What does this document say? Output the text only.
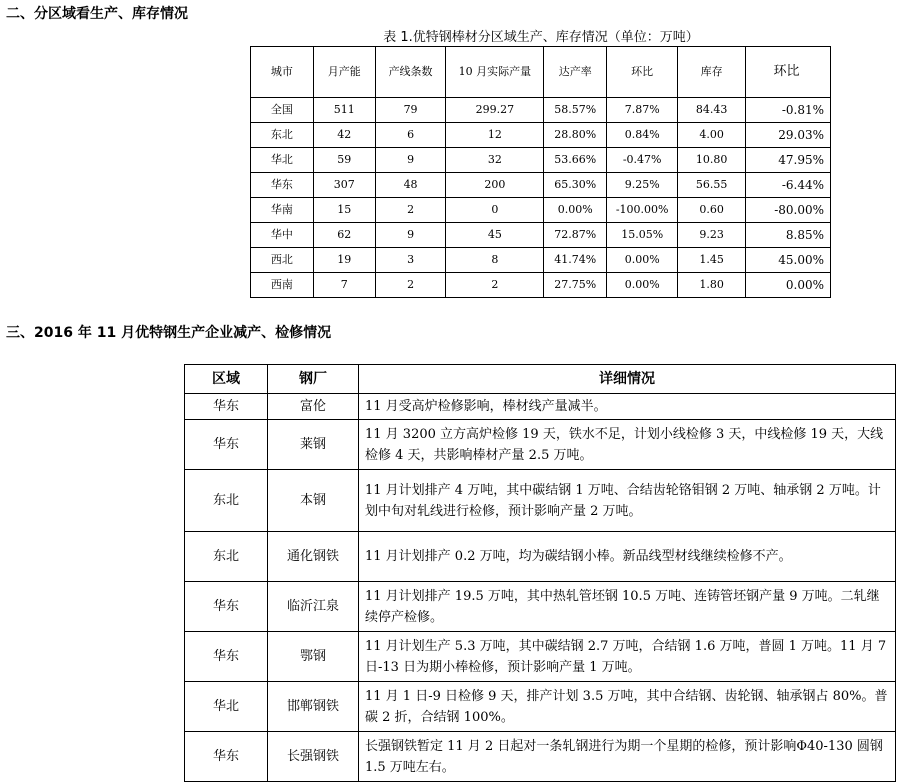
二、分区域看生产、库存情况
表 1.优特钢棒材分区域生产、库存情况（单位：万吨）
城市	月产能	产线条数	10 月实际产量	达产率	环比	库存	环比
全国	511	79	299.27	58.57%	7.87%	84.43	-0.81%
东北	42	6	12	28.80%	0.84%	4.00	29.03%
华北	59	9	32	53.66%	-0.47%	10.80	47.95%
华东	307	48	200	65.30%	9.25%	56.55	-6.44%
华南	15	2	0	0.00%	-100.00%	0.60	-80.00%
华中	62	9	45	72.87%	15.05%	9.23	8.85%
西北	19	3	8	41.74%	0.00%	1.45	45.00%
西南	7	2	2	27.75%	0.00%	1.80	0.00%
三、2016 年 11 月优特钢生产企业减产、检修情况
区域	钢厂	详细情况
华东	富伦	11 月受高炉检修影响，棒材线产量减半。
华东	莱钢	11 月 3200 立方高炉检修 19 天，铁水不足，计划小线检修 3 天，中线检修 19 天，大线检修 4 天，共影响棒材产量 2.5 万吨。
东北	本钢	11 月计划排产 4 万吨，其中碳结钢 1 万吨、合结齿轮铬钼钢 2 万吨、轴承钢 2 万吨。计划中旬对轧线进行检修，预计影响产量 2 万吨。
东北	通化钢铁	11 月计划排产 0.2 万吨，均为碳结钢小棒。新品线型材线继续检修不产。
华东	临沂江泉	11 月计划排产 19.5 万吨，其中热轧管坯钢 10.5 万吨、连铸管坯钢产量 9 万吨。二轧继续停产检修。
华东	鄂钢	11 月计划生产 5.3 万吨，其中碳结钢 2.7 万吨，合结钢 1.6 万吨，普圆 1 万吨。11 月 7 日-13 日为期小棒检修，预计影响产量 1 万吨。
华北	邯郸钢铁	11 月 1 日-9 日检修 9 天，排产计划 3.5 万吨，其中合结钢、齿轮钢、轴承钢占 80%。普碳 2 折，合结钢 100%。
华东	长强钢铁	长强钢铁暂定 11 月 2 日起对一条轧钢进行为期一个星期的检修，预计影响Φ40-130 圆钢 1.5 万吨左右。
